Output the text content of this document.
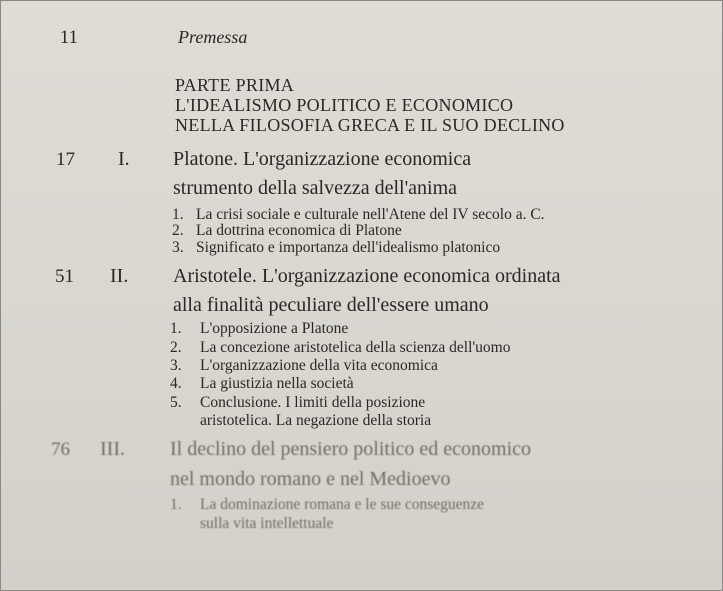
11	Premessa
PARTE PRIMA
L'IDEALISMO POLITICO E ECONOMICO
NELLA FILOSOFIA GRECA E IL SUO DECLINO
17 I. Platone. L'organizzazione economica
strumento della salvezza dell'anima
1. La crisi sociale e culturale nell'Atene del IV secolo a. C.
2. La dottrina economica di Platone
3. Significato e importanza dell'idealismo platonico
51 II. Aristotele. L'organizzazione economica ordinata
alla finalità peculiare dell'essere umano
1. L'opposizione a Platone
2. La concezione aristotelica della scienza dell'uomo
3. L'organizzazione della vita economica
4. La giustizia nella società
5. Conclusione. I limiti della posizione
aristotelica. La negazione della storia
76 III. Il declino del pensiero politico ed economico
nel mondo romano e nel Medioevo
1. La dominazione romana e le sue conseguenze
sulla vita intellettuale
